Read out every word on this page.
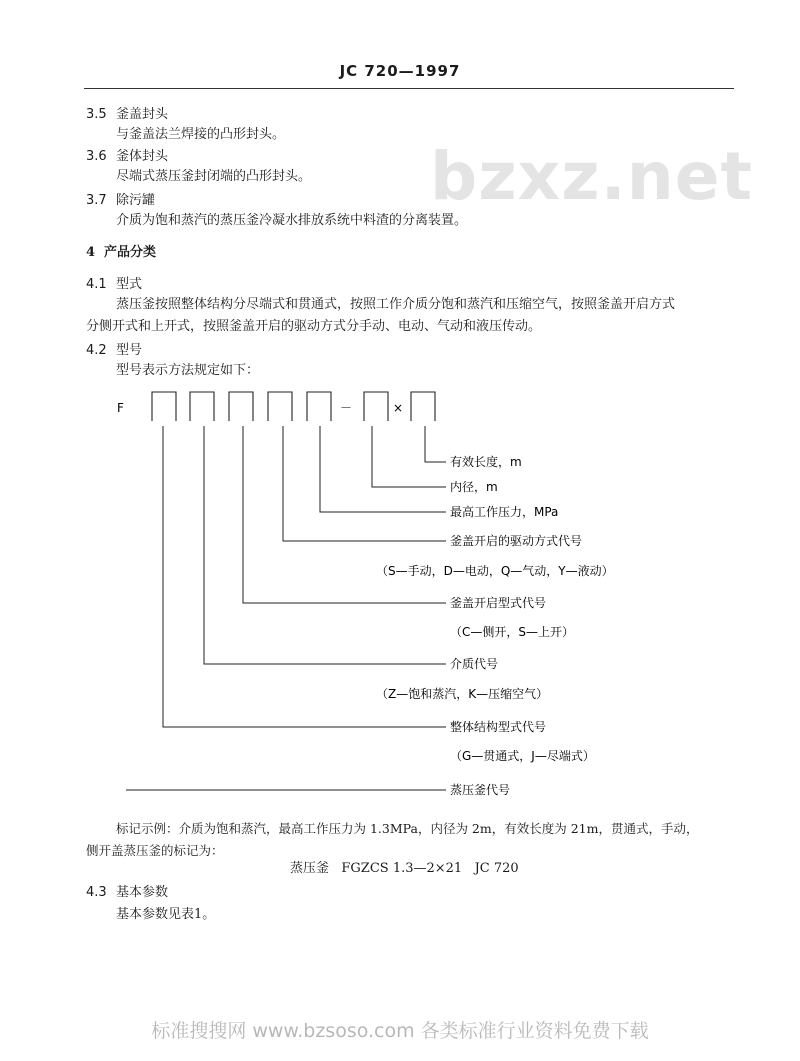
JC 720—1997
bzxz.net
3.5 釜盖封头
与釜盖法兰焊接的凸形封头。
3.6 釜体封头
尽端式蒸压釜封闭端的凸形封头。
3.7 除污罐
介质为饱和蒸汽的蒸压釜冷凝水排放系统中料渣的分离装置。
4 产品分类
4.1 型式
蒸压釜按照整体结构分尽端式和贯通式，按照工作介质分饱和蒸汽和压缩空气，按照釜盖开启方式
分侧开式和上开式，按照釜盖开启的驱动方式分手动、电动、气动和液压传动。
4.2 型号
型号表示方法规定如下：
F	－	×
有效长度，m
内径，m
最高工作压力，MPa
釜盖开启的驱动方式代号
（S—手动，D—电动，Q—气动，Y—液动）
釜盖开启型式代号
（C—侧开，S—上开）
介质代号
（Z—饱和蒸汽，K—压缩空气）
整体结构型式代号
（G—贯通式，J—尽端式）
蒸压釜代号
标记示例：介质为饱和蒸汽，最高工作压力为 1.3MPa，内径为 2m，有效长度为 21m，贯通式，手动，
侧开盖蒸压釜的标记为：
蒸压釜   FGZCS 1.3—2×21   JC 720
4.3 基本参数
基本参数见表1。
标准搜搜网 www.bzsoso.com 各类标准行业资料免费下载
